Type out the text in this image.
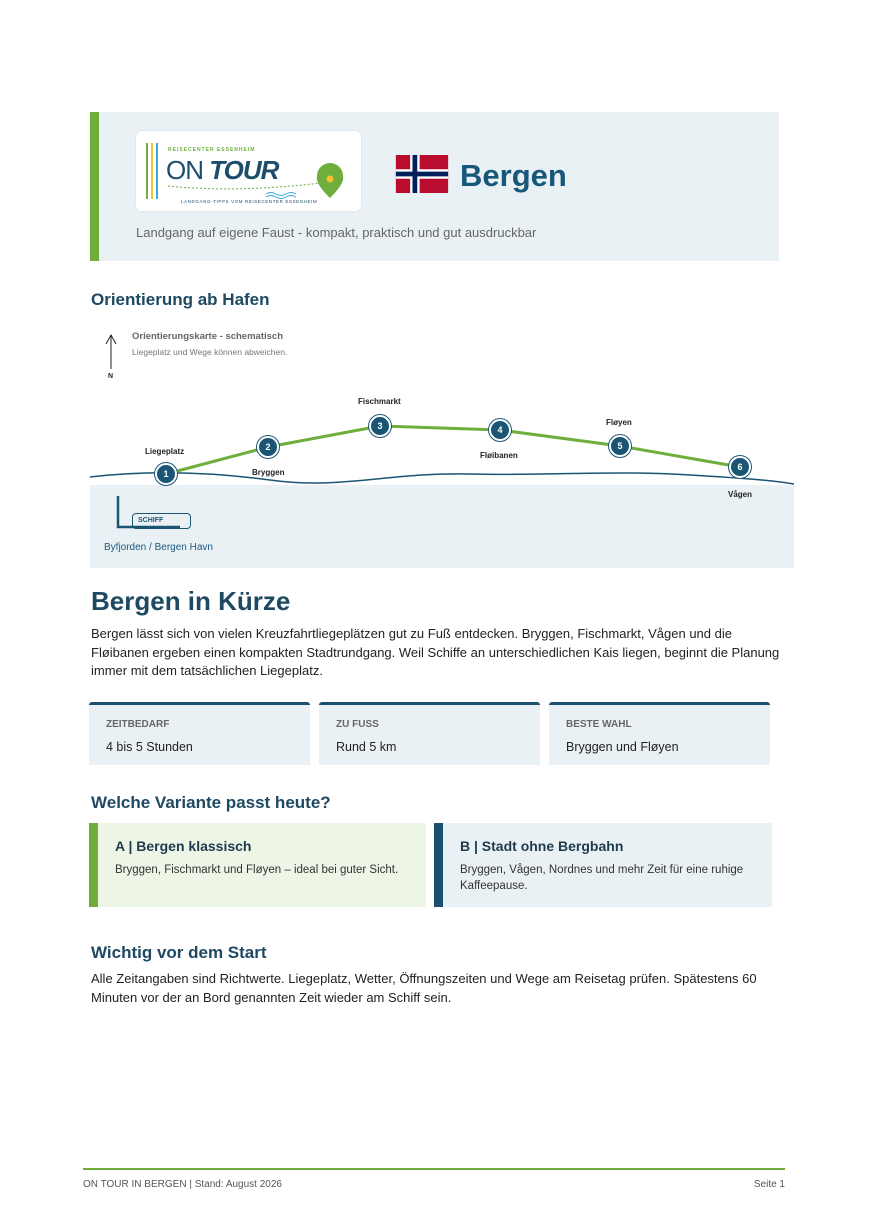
REISECENTER ESSENHEIM
ON TOUR
LANDGANG-TIPPS VOM REISECENTER ESSENHEIM
Bergen
Landgang auf eigene Faust - kompakt, praktisch und gut ausdruckbar
Orientierung ab Hafen
Orientierungskarte - schematisch
Liegeplatz und Wege können abweichen.
N
1
2
3	4
5
6
Liegeplatz
Bryggen
Fischmarkt
Fløibanen
Fløyen
Vågen
SCHIFF
Byfjorden / Bergen Havn
Bergen in Kürze

Bergen lässt sich von vielen Kreuzfahrtliegeplätzen gut zu Fuß entdecken. Bryggen, Fischmarkt, Vågen und die Fløibanen ergeben einen kompakten Stadtrundgang. Weil Schiffe an unterschiedlichen Kais liegen, beginnt die Planung immer mit dem tatsächlichen Liegeplatz.

ZEITBEDARF
4 bis 5 Stunden
ZU FUSS
Rund 5 km
BESTE WAHL
Bryggen und Fløyen
Welche Variante passt heute?
A | Bergen klassisch
Bryggen, Fischmarkt und Fløyen – ideal bei guter Sicht.
B | Stadt ohne Bergbahn
Bryggen, Vågen, Nordnes und mehr Zeit für eine ruhige Kaffeepause.
Wichtig vor dem Start

Alle Zeitangaben sind Richtwerte. Liegeplatz, Wetter, Öffnungszeiten und Wege am Reisetag prüfen. Spätestens 60 Minuten vor der an Bord genannten Zeit wieder am Schiff sein.

ON TOUR IN BERGEN | Stand: August 2026	Seite 1
